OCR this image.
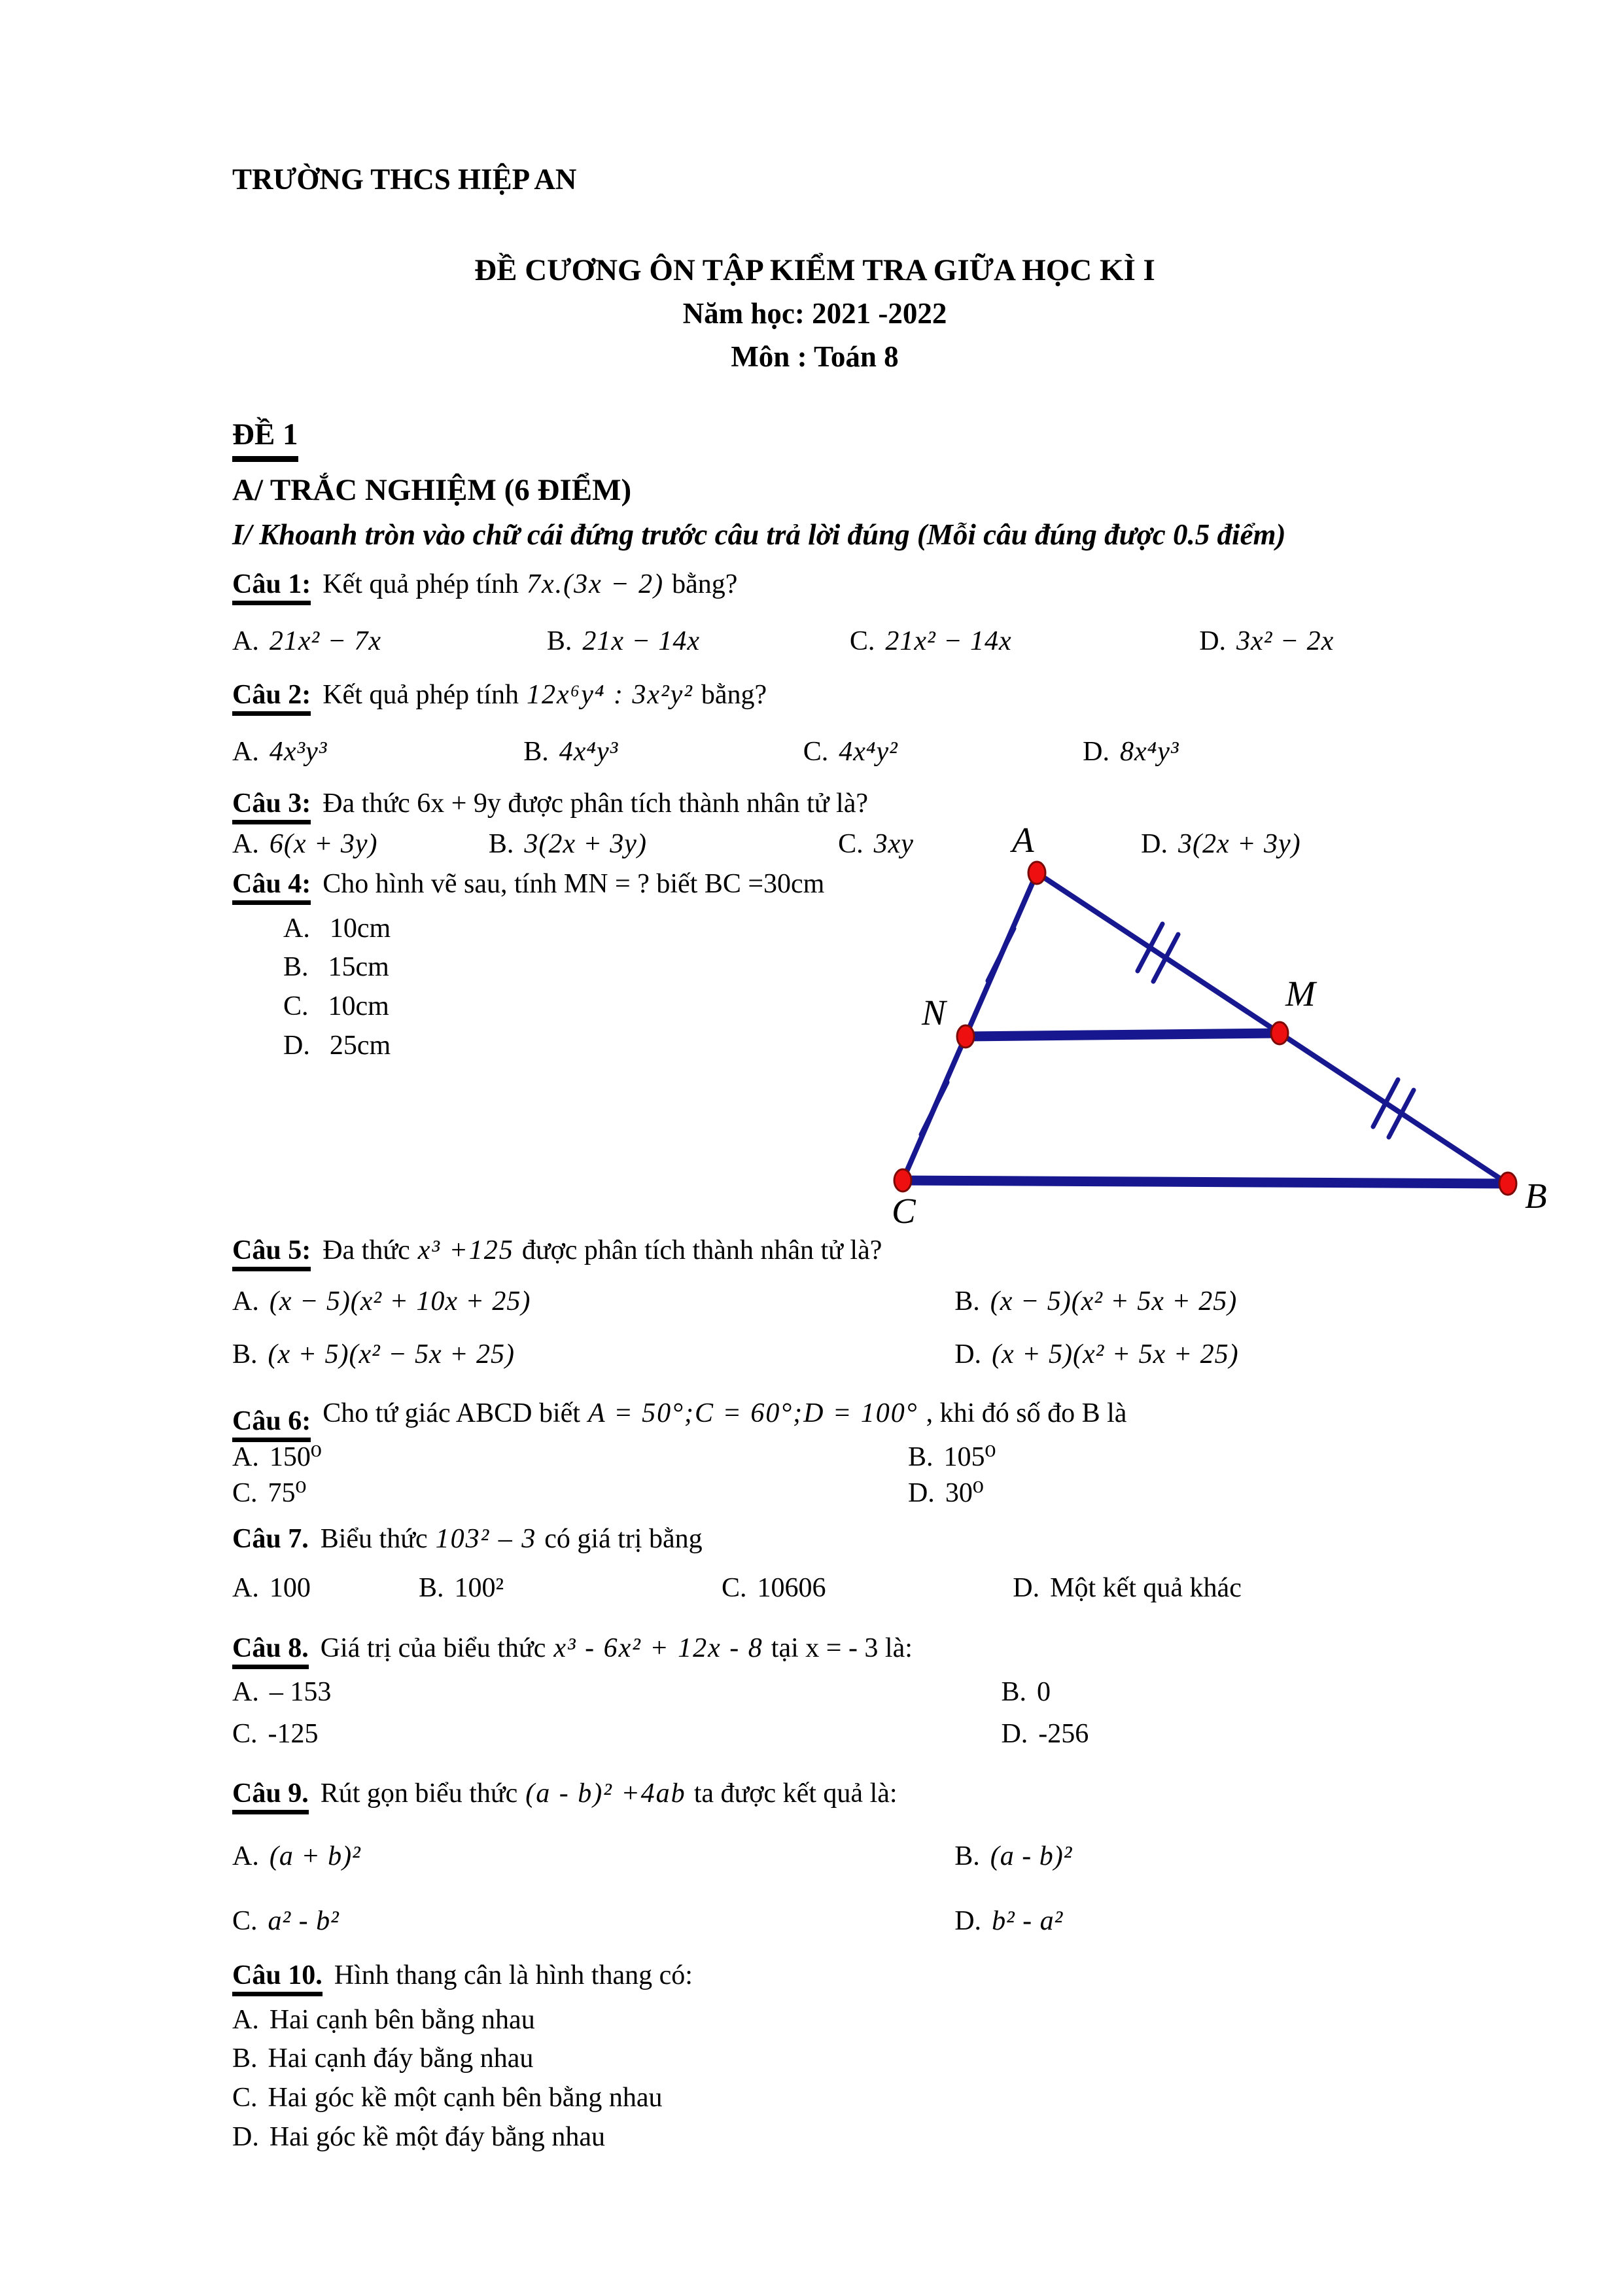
TRƯỜNG THCS HIỆP AN
ĐỀ CƯƠNG ÔN TẬP KIỂM TRA GIỮA HỌC KÌ I
Năm học: 2021 -2022
Môn : Toán 8
ĐỀ 1
A/ TRẮC NGHIỆM (6 ĐIỂM)
I/ Khoanh tròn vào chữ cái đứng trước câu trả lời đúng (Mỗi câu đúng được 0.5 điểm)
Câu 1: Kết quả phép tính 7x.(3x − 2) bằng?
A. 21x² − 7x	B. 21x − 14x	C. 21x² − 14x	D. 3x² − 2x
Câu 2: Kết quả phép tính 12x⁶y⁴ : 3x²y² bằng?
A. 4x³y³	B. 4x⁴y³	C. 4x⁴y²	D. 8x⁴y³
Câu 3: Đa thức 6x + 9y được phân tích thành nhân tử là?
A. 6(x + 3y)	B. 3(2x + 3y)	C. 3xy	D. 3(2x + 3y)
Câu 4: Cho hình vẽ sau, tính MN = ? biết BC =30cm
A. 10cm
B. 15cm
C. 10cm
D. 25cm
A
N	M
C	B
Câu 5: Đa thức x³ +125 được phân tích thành nhân tử là?
A. (x − 5)(x² + 10x + 25)	B. (x − 5)(x² + 5x + 25)
B. (x + 5)(x² − 5x + 25)	D. (x + 5)(x² + 5x + 25)
Câu 6: Cho tứ giác ABCD biết A = 50°;C = 60°;D = 100° , khi đó số đo B là
A. 150⁰	B. 105⁰
C. 75⁰	D. 30⁰
Câu 7. Biểu thức 103² – 3 có giá trị bằng
A. 100	B. 100²	C. 10606	D. Một kết quả khác
Câu 8. Giá trị của biểu thức x³ - 6x² + 12x - 8 tại x = - 3 là:
A. – 153	B. 0
C. -125	D. -256
Câu 9. Rút gọn biểu thức (a - b)² +4ab ta được kết quả là:
A. (a + b)²	B. (a - b)²
C. a² - b²	D. b² - a²
Câu 10. Hình thang cân là hình thang có:
A. Hai cạnh bên bằng nhau
B. Hai cạnh đáy bằng nhau
C. Hai góc kề một cạnh bên bằng nhau
D. Hai góc kề một đáy bằng nhau
